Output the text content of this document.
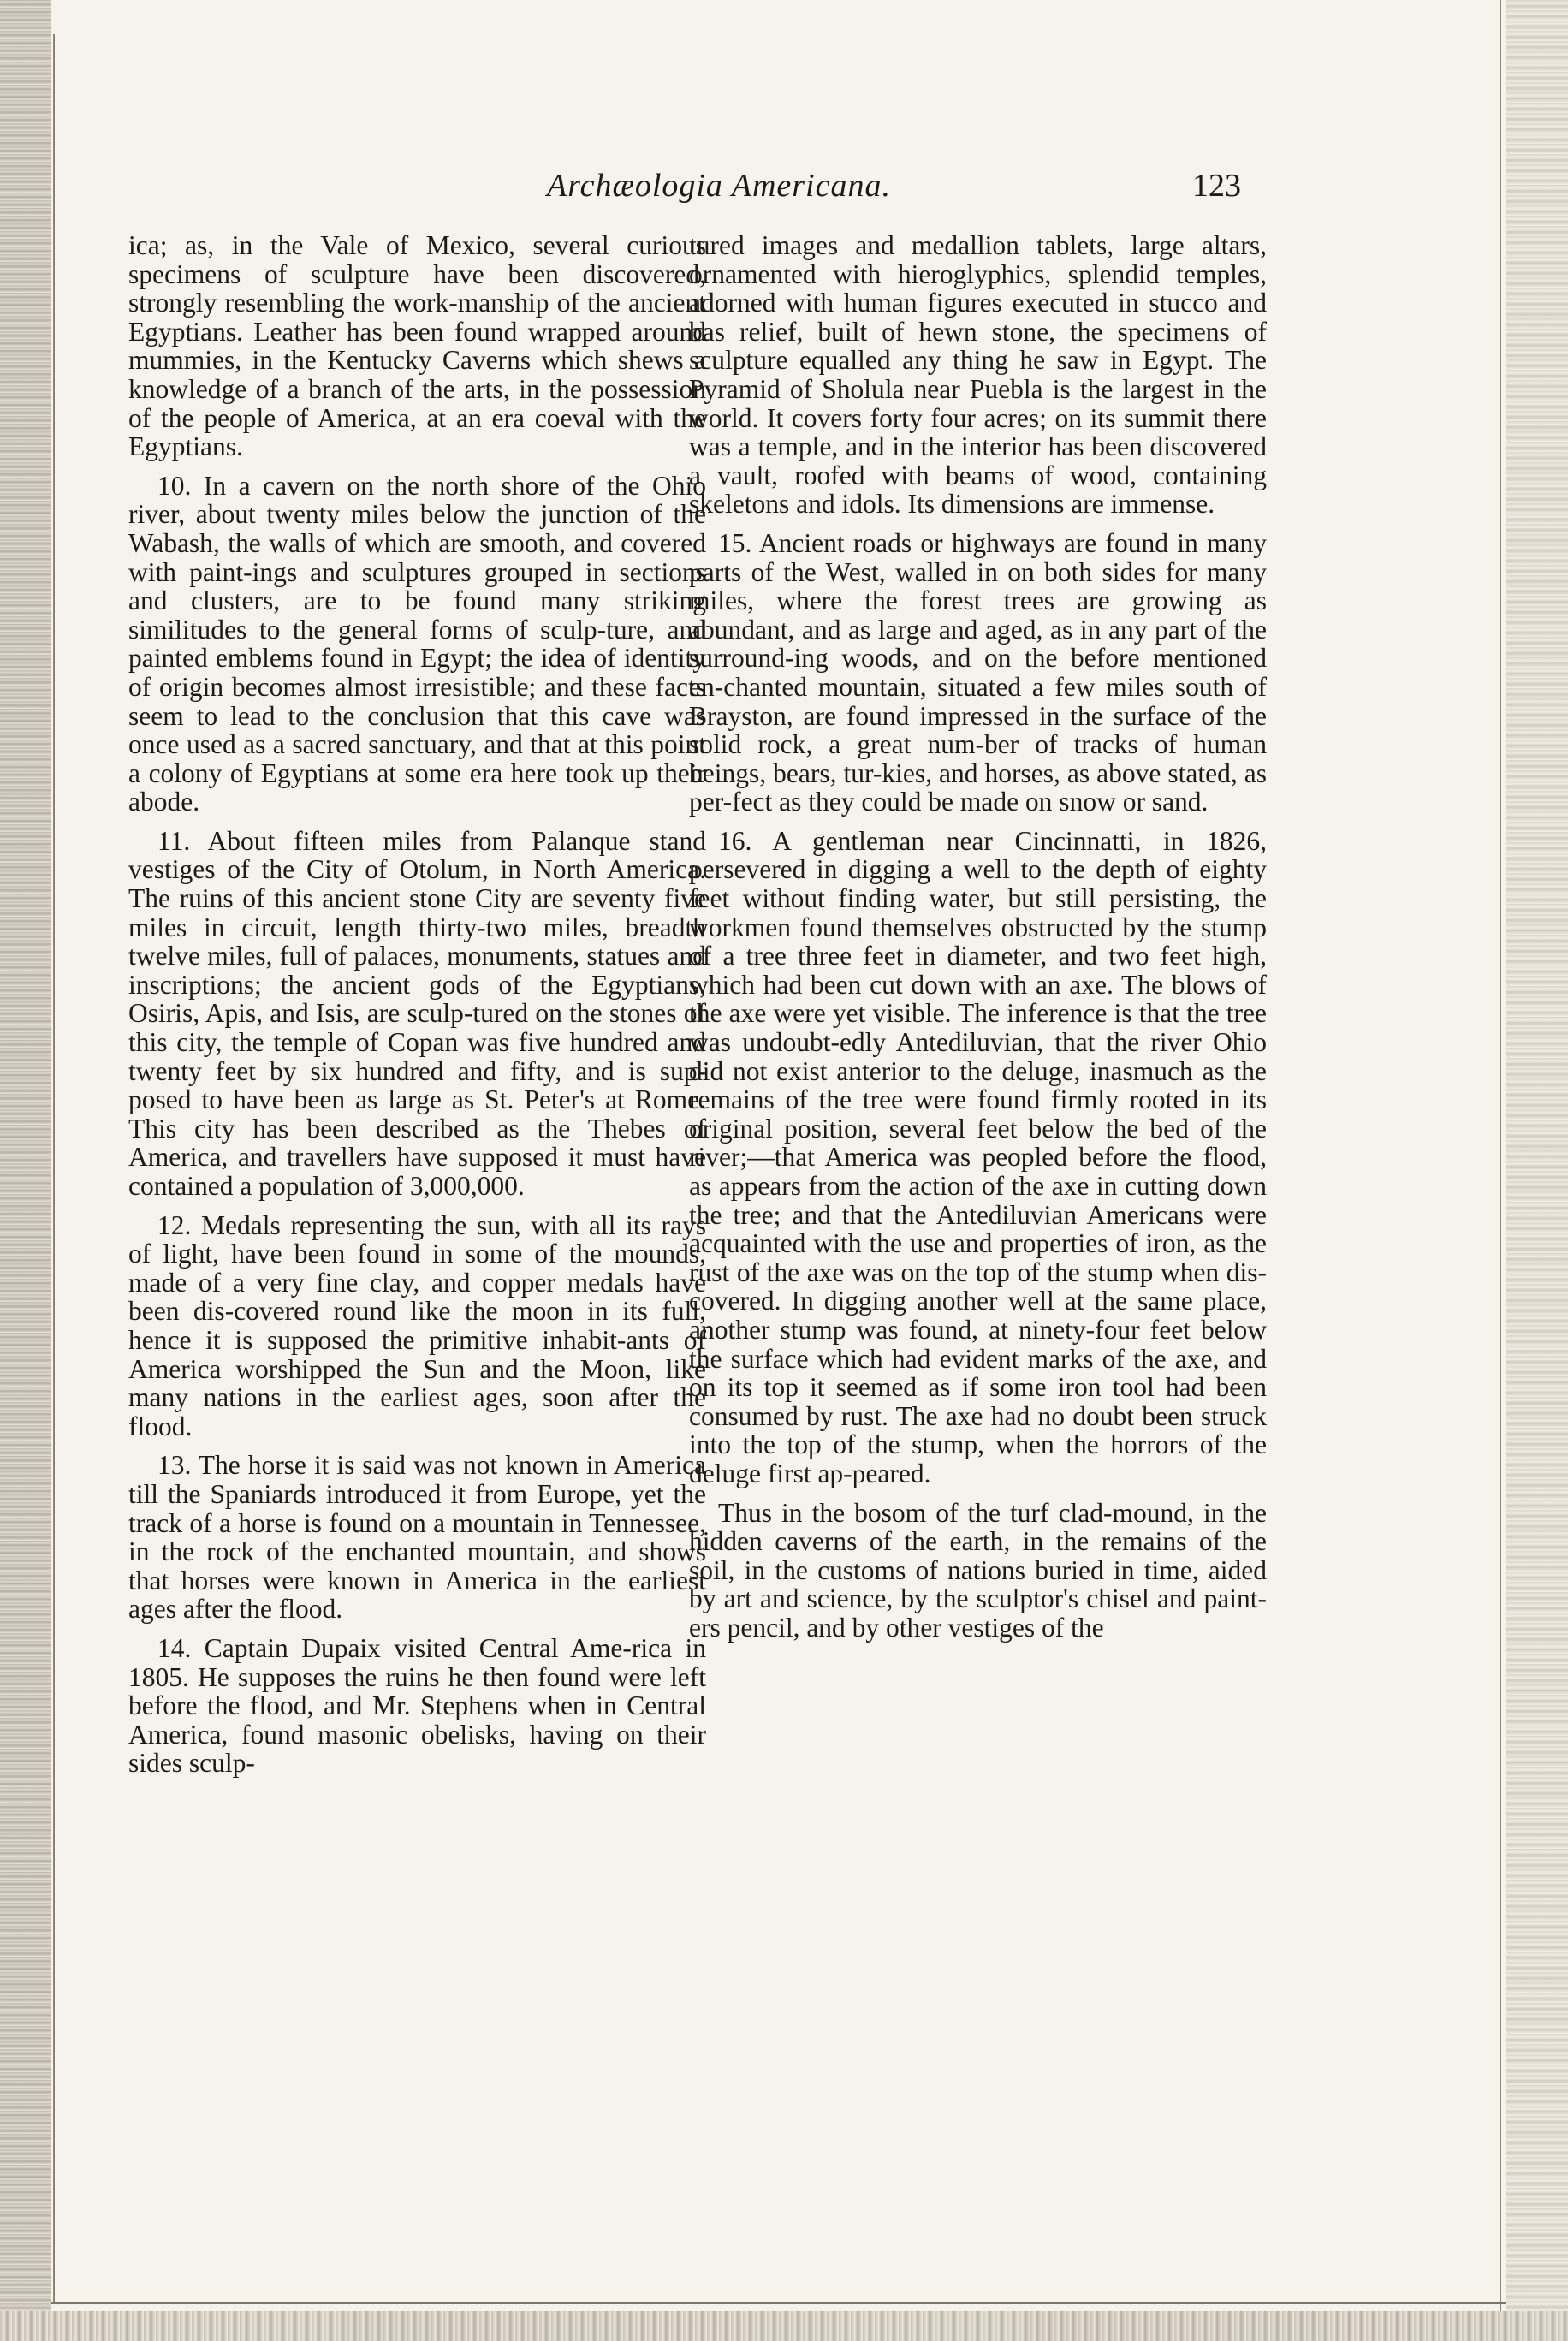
Archæologia Americana.	123

ica; as, in the Vale of Mexico, several curious specimens of sculpture have been discovered, strongly resembling the work-manship of the ancient Egyptians. Leather has been found wrapped around mummies, in the Kentucky Caverns which shews a knowledge of a branch of the arts, in the possession of the people of America, at an era coeval with the Egyptians.

10. In a cavern on the north shore of the Ohio river, about twenty miles below the junction of the Wabash, the walls of which are smooth, and covered with paint-ings and sculptures grouped in sections and clusters, are to be found many striking similitudes to the general forms of sculp-ture, and painted emblems found in Egypt; the idea of identity of origin becomes almost irresistible; and these facts seem to lead to the conclusion that this cave was once used as a sacred sanctuary, and that at this point a colony of Egyptians at some era here took up their abode.

11. About fifteen miles from Palanque stand vestiges of the City of Otolum, in North America. The ruins of this ancient stone City are seventy five miles in circuit, length thirty-two miles, breadth twelve miles, full of palaces, monuments, statues and inscriptions; the ancient gods of the Egyptians, Osiris, Apis, and Isis, are sculp-tured on the stones of this city, the temple of Copan was five hundred and twenty feet by six hundred and fifty, and is sup-posed to have been as large as St. Peter's at Rome. This city has been described as the Thebes of America, and travellers have supposed it must have contained a population of 3,000,000.

12. Medals representing the sun, with all its rays of light, have been found in some of the mounds, made of a very fine clay, and copper medals have been dis-covered round like the moon in its full, hence it is supposed the primitive inhabit-ants of America worshipped the Sun and the Moon, like many nations in the earliest ages, soon after the flood.

13. The horse it is said was not known in America till the Spaniards introduced it from Europe, yet the track of a horse is found on a mountain in Tennessee, in the rock of the enchanted mountain, and shows that horses were known in America in the earliest ages after the flood.

14. Captain Dupaix visited Central Ame-rica in 1805. He supposes the ruins he then found were left before the flood, and Mr. Stephens when in Central America, found masonic obelisks, having on their sides sculp-

tured images and medallion tablets, large altars, ornamented with hieroglyphics, splendid temples, adorned with human figures executed in stucco and bas relief, built of hewn stone, the specimens of sculpture equalled any thing he saw in Egypt. The Pyramid of Sholula near Puebla is the largest in the world. It covers forty four acres; on its summit there was a temple, and in the interior has been discovered a vault, roofed with beams of wood, containing skeletons and idols. Its dimensions are immense.

15. Ancient roads or highways are found in many parts of the West, walled in on both sides for many miles, where the forest trees are growing as abundant, and as large and aged, as in any part of the surround-ing woods, and on the before mentioned en-chanted mountain, situated a few miles south of Brayston, are found impressed in the surface of the solid rock, a great num-ber of tracks of human beings, bears, tur-kies, and horses, as above stated, as per-fect as they could be made on snow or sand.

16. A gentleman near Cincinnatti, in 1826, persevered in digging a well to the depth of eighty feet without finding water, but still persisting, the workmen found themselves obstructed by the stump of a tree three feet in diameter, and two feet high, which had been cut down with an axe. The blows of the axe were yet visible. The inference is that the tree was undoubt-edly Antediluvian, that the river Ohio did not exist anterior to the deluge, inasmuch as the remains of the tree were found firmly rooted in its original position, several feet below the bed of the river;—that America was peopled before the flood, as appears from the action of the axe in cutting down the tree; and that the Antediluvian Americans were acquainted with the use and properties of iron, as the rust of the axe was on the top of the stump when dis-covered. In digging another well at the same place, another stump was found, at ninety-four feet below the surface which had evident marks of the axe, and on its top it seemed as if some iron tool had been consumed by rust. The axe had no doubt been struck into the top of the stump, when the horrors of the deluge first ap-peared.

Thus in the bosom of the turf clad-mound, in the hidden caverns of the earth, in the remains of the soil, in the customs of nations buried in time, aided by art and science, by the sculptor's chisel and paint-ers pencil, and by other vestiges of the
